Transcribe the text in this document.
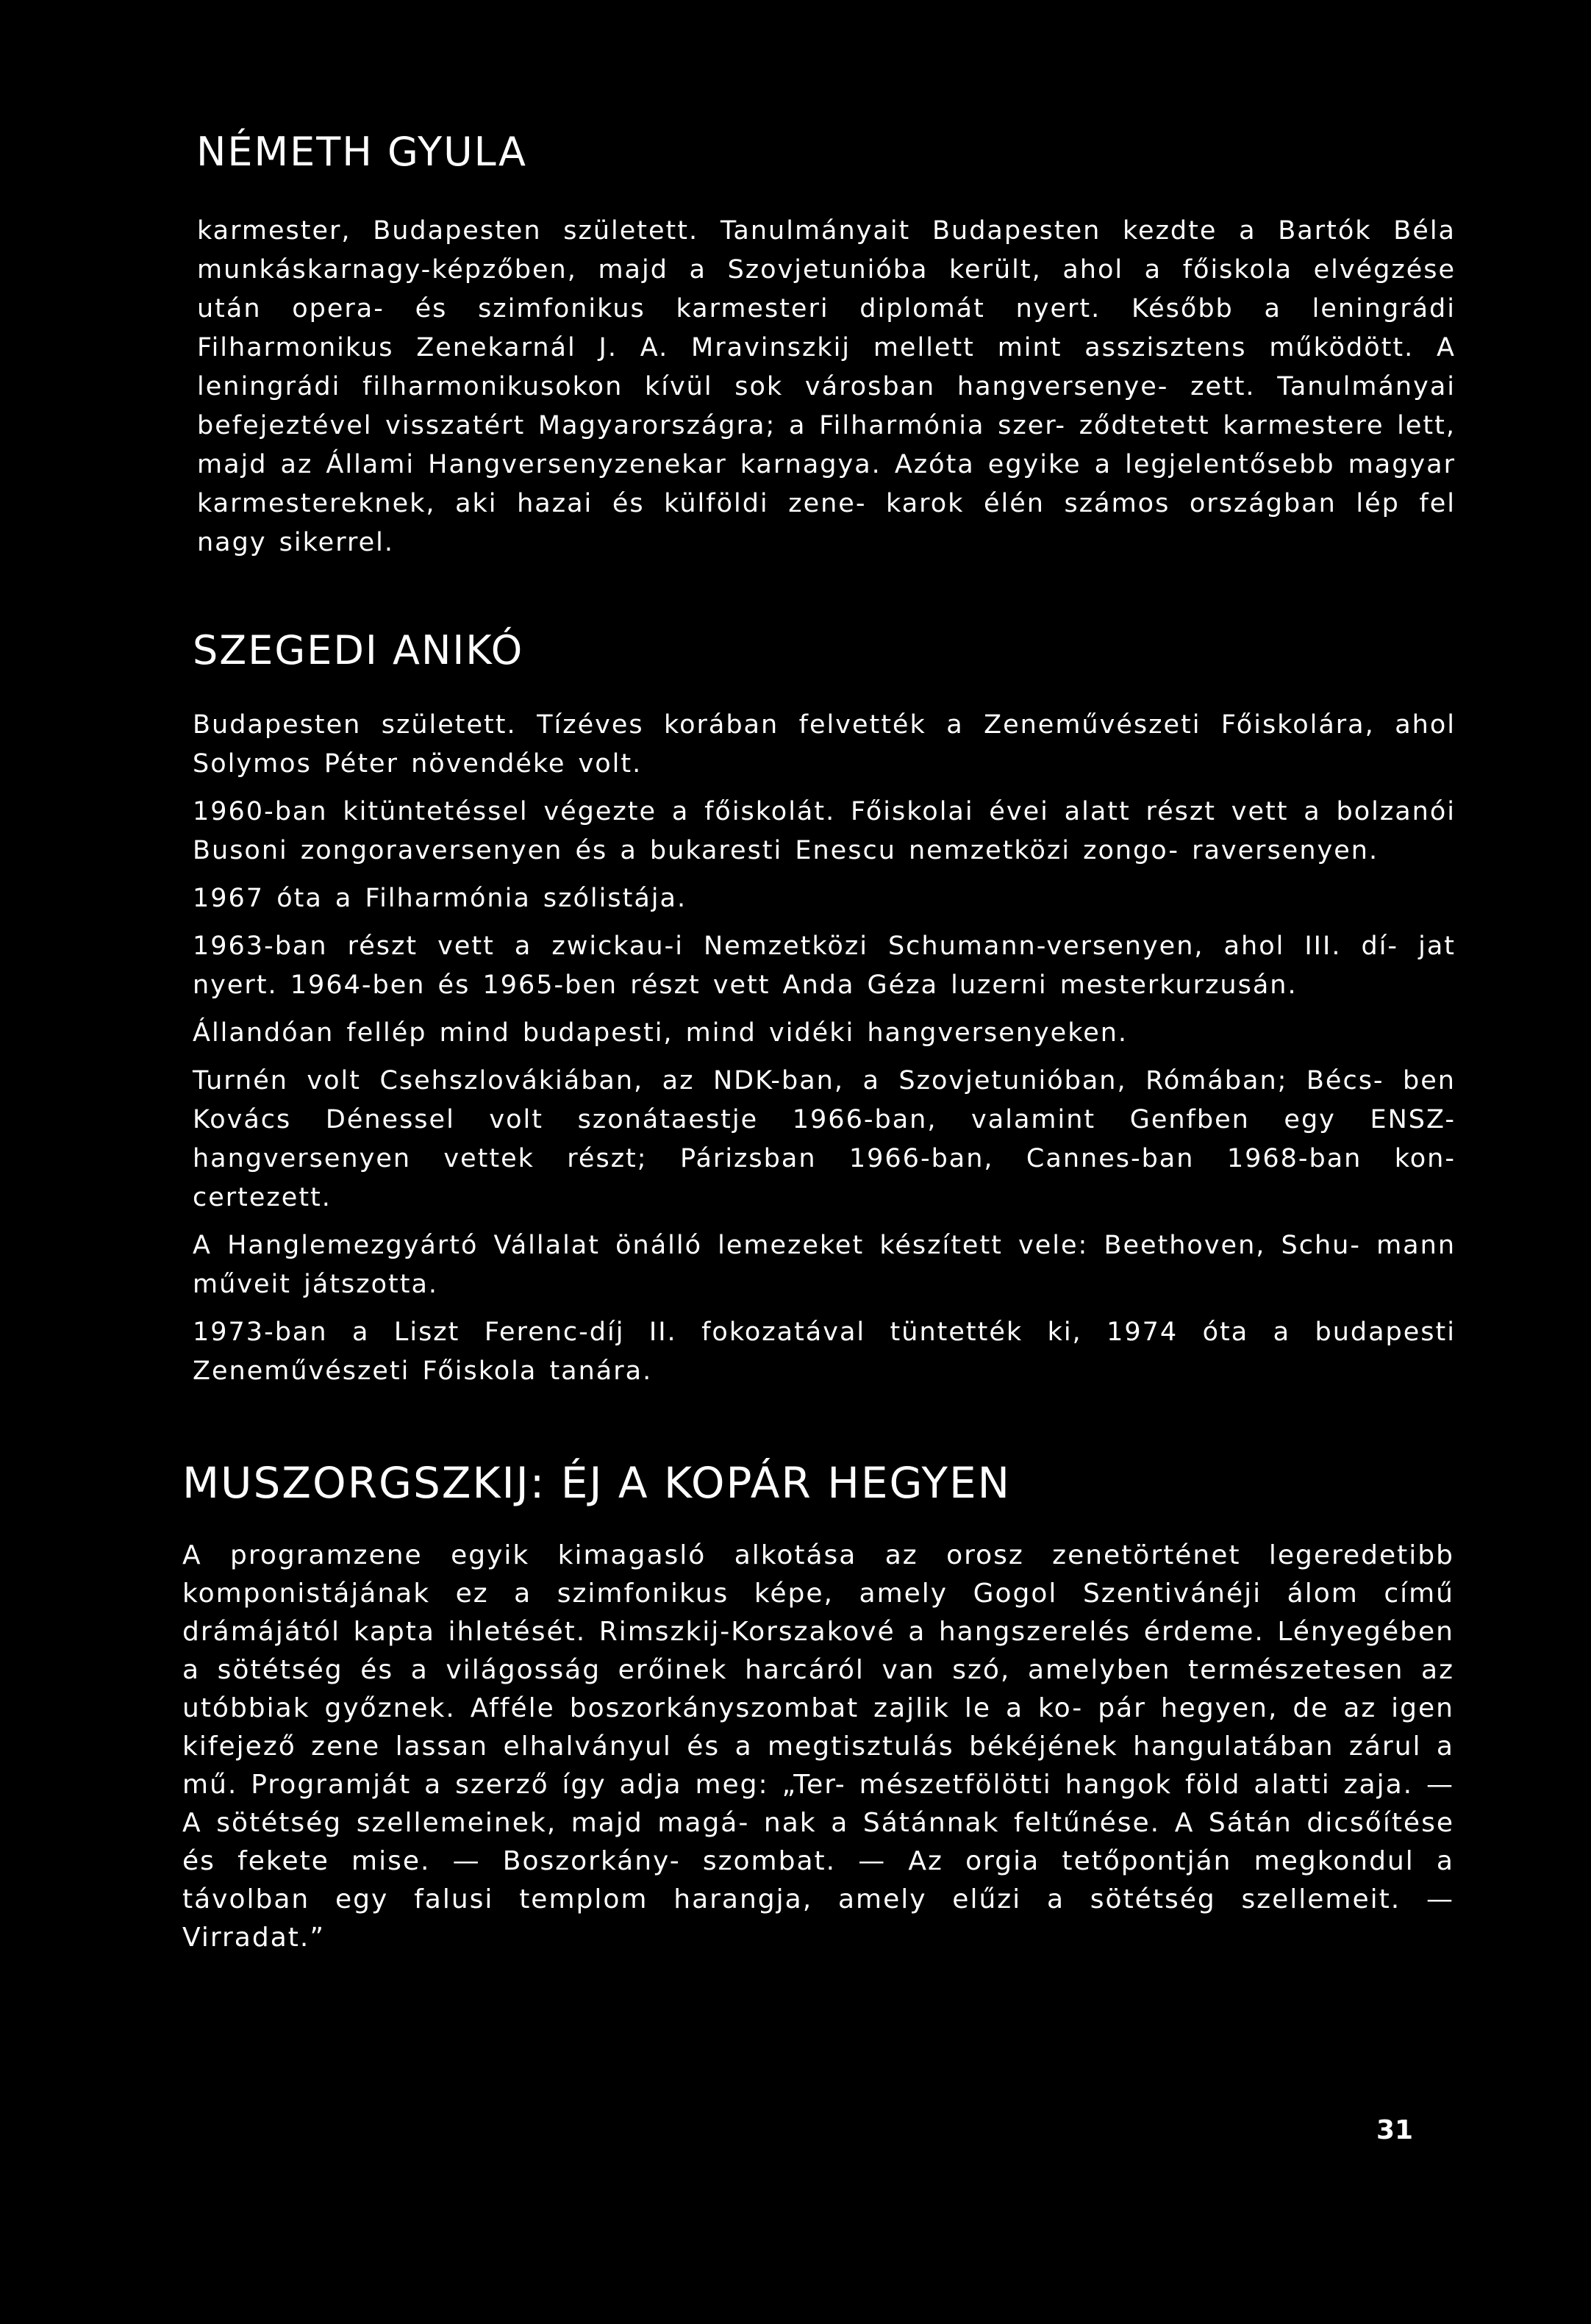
NÉMETH GYULA

karmester, Budapesten született. Tanulmányait Budapesten kezdte a Bartók Béla munkáskarnagy-képzőben, majd a Szovjetunióba került, ahol a főiskola elvégzése után opera- és szimfonikus karmesteri diplomát nyert. Később a leningrádi Filharmonikus Zenekarnál J. A. Mravinszkij mellett mint asszisztens működött. A leningrádi filharmonikusokon kívül sok városban hangversenye- zett. Tanulmányai befejeztével visszatért Magyarországra; a Filharmónia szer- ződtetett karmestere lett, majd az Állami Hangversenyzenekar karnagya. Azóta egyike a legjelentősebb magyar karmestereknek, aki hazai és külföldi zene- karok élén számos országban lép fel nagy sikerrel.

SZEGEDI ANIKÓ

Budapesten született. Tízéves korában felvették a Zeneművészeti Főiskolára, ahol Solymos Péter növendéke volt.

1960-ban kitüntetéssel végezte a főiskolát. Főiskolai évei alatt részt vett a bolzanói Busoni zongoraversenyen és a bukaresti Enescu nemzetközi zongo- raversenyen.

1967 óta a Filharmónia szólistája.

1963-ban részt vett a zwickau-i Nemzetközi Schumann-versenyen, ahol III. dí- jat nyert. 1964-ben és 1965-ben részt vett Anda Géza luzerni mesterkurzusán.

Állandóan fellép mind budapesti, mind vidéki hangversenyeken.

Turnén volt Csehszlovákiában, az NDK-ban, a Szovjetunióban, Rómában; Bécs- ben Kovács Dénessel volt szonátaestje 1966-ban, valamint Genfben egy ENSZ- hangversenyen vettek részt; Párizsban 1966-ban, Cannes-ban 1968-ban kon- certezett.

A Hanglemezgyártó Vállalat önálló lemezeket készített vele: Beethoven, Schu- mann műveit játszotta.

1973-ban a Liszt Ferenc-díj II. fokozatával tüntették ki, 1974 óta a budapesti Zeneművészeti Főiskola tanára.

MUSZORGSZKIJ: ÉJ A KOPÁR HEGYEN

A programzene egyik kimagasló alkotása az orosz zenetörténet legeredetibb komponistájának ez a szimfonikus képe, amely Gogol Szentivánéji álom című drámájától kapta ihletését. Rimszkij-Korszakové a hangszerelés érdeme. Lényegében a sötétség és a világosság erőinek harcáról van szó, amelyben természetesen az utóbbiak győznek. Afféle boszorkányszombat zajlik le a ko- pár hegyen, de az igen kifejező zene lassan elhalványul és a megtisztulás békéjének hangulatában zárul a mű. Programját a szerző így adja meg: „Ter- mészetfölötti hangok föld alatti zaja. — A sötétség szellemeinek, majd magá- nak a Sátánnak feltűnése. A Sátán dicsőítése és fekete mise. — Boszorkány- szombat. — Az orgia tetőpontján megkondul a távolban egy falusi templom harangja, amely elűzi a sötétség szellemeit. — Virradat.”

31
